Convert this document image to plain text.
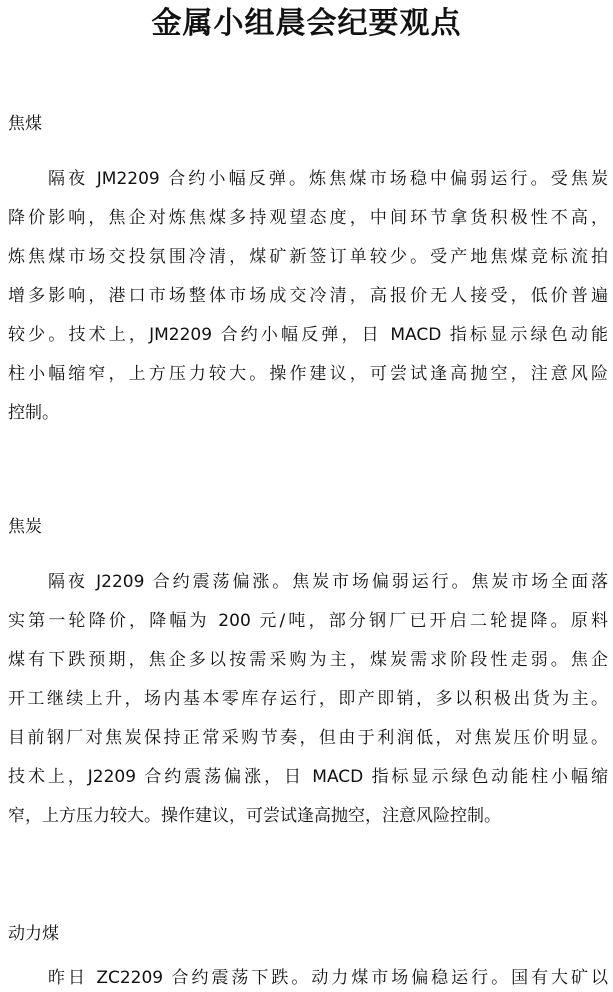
金属小组晨会纪要观点

焦煤

隔夜 JM2209 合约小幅反弹。炼焦煤市场稳中偏弱运行。受焦炭
降价影响，焦企对炼焦煤多持观望态度，中间环节拿货积极性不高，
炼焦煤市场交投氛围冷清，煤矿新签订单较少。受产地焦煤竞标流拍
增多影响，港口市场整体市场成交冷清，高报价无人接受，低价普遍
较少。技术上，JM2209 合约小幅反弹，日 MACD 指标显示绿色动能
柱小幅缩窄，上方压力较大。操作建议，可尝试逢高抛空，注意风险
控制。

焦炭

隔夜 J2209 合约震荡偏涨。焦炭市场偏弱运行。焦炭市场全面落
实第一轮降价，降幅为 200 元/吨，部分钢厂已开启二轮提降。原料
煤有下跌预期，焦企多以按需采购为主，煤炭需求阶段性走弱。焦企
开工继续上升，场内基本零库存运行，即产即销，多以积极出货为主。
目前钢厂对焦炭保持正常采购节奏，但由于利润低，对焦炭压价明显。
技术上，J2209 合约震荡偏涨，日 MACD 指标显示绿色动能柱小幅缩
窄，上方压力较大。操作建议，可尝试逢高抛空，注意风险控制。

动力煤

昨日 ZC2209 合约震荡下跌。动力煤市场偏稳运行。国有大矿以
